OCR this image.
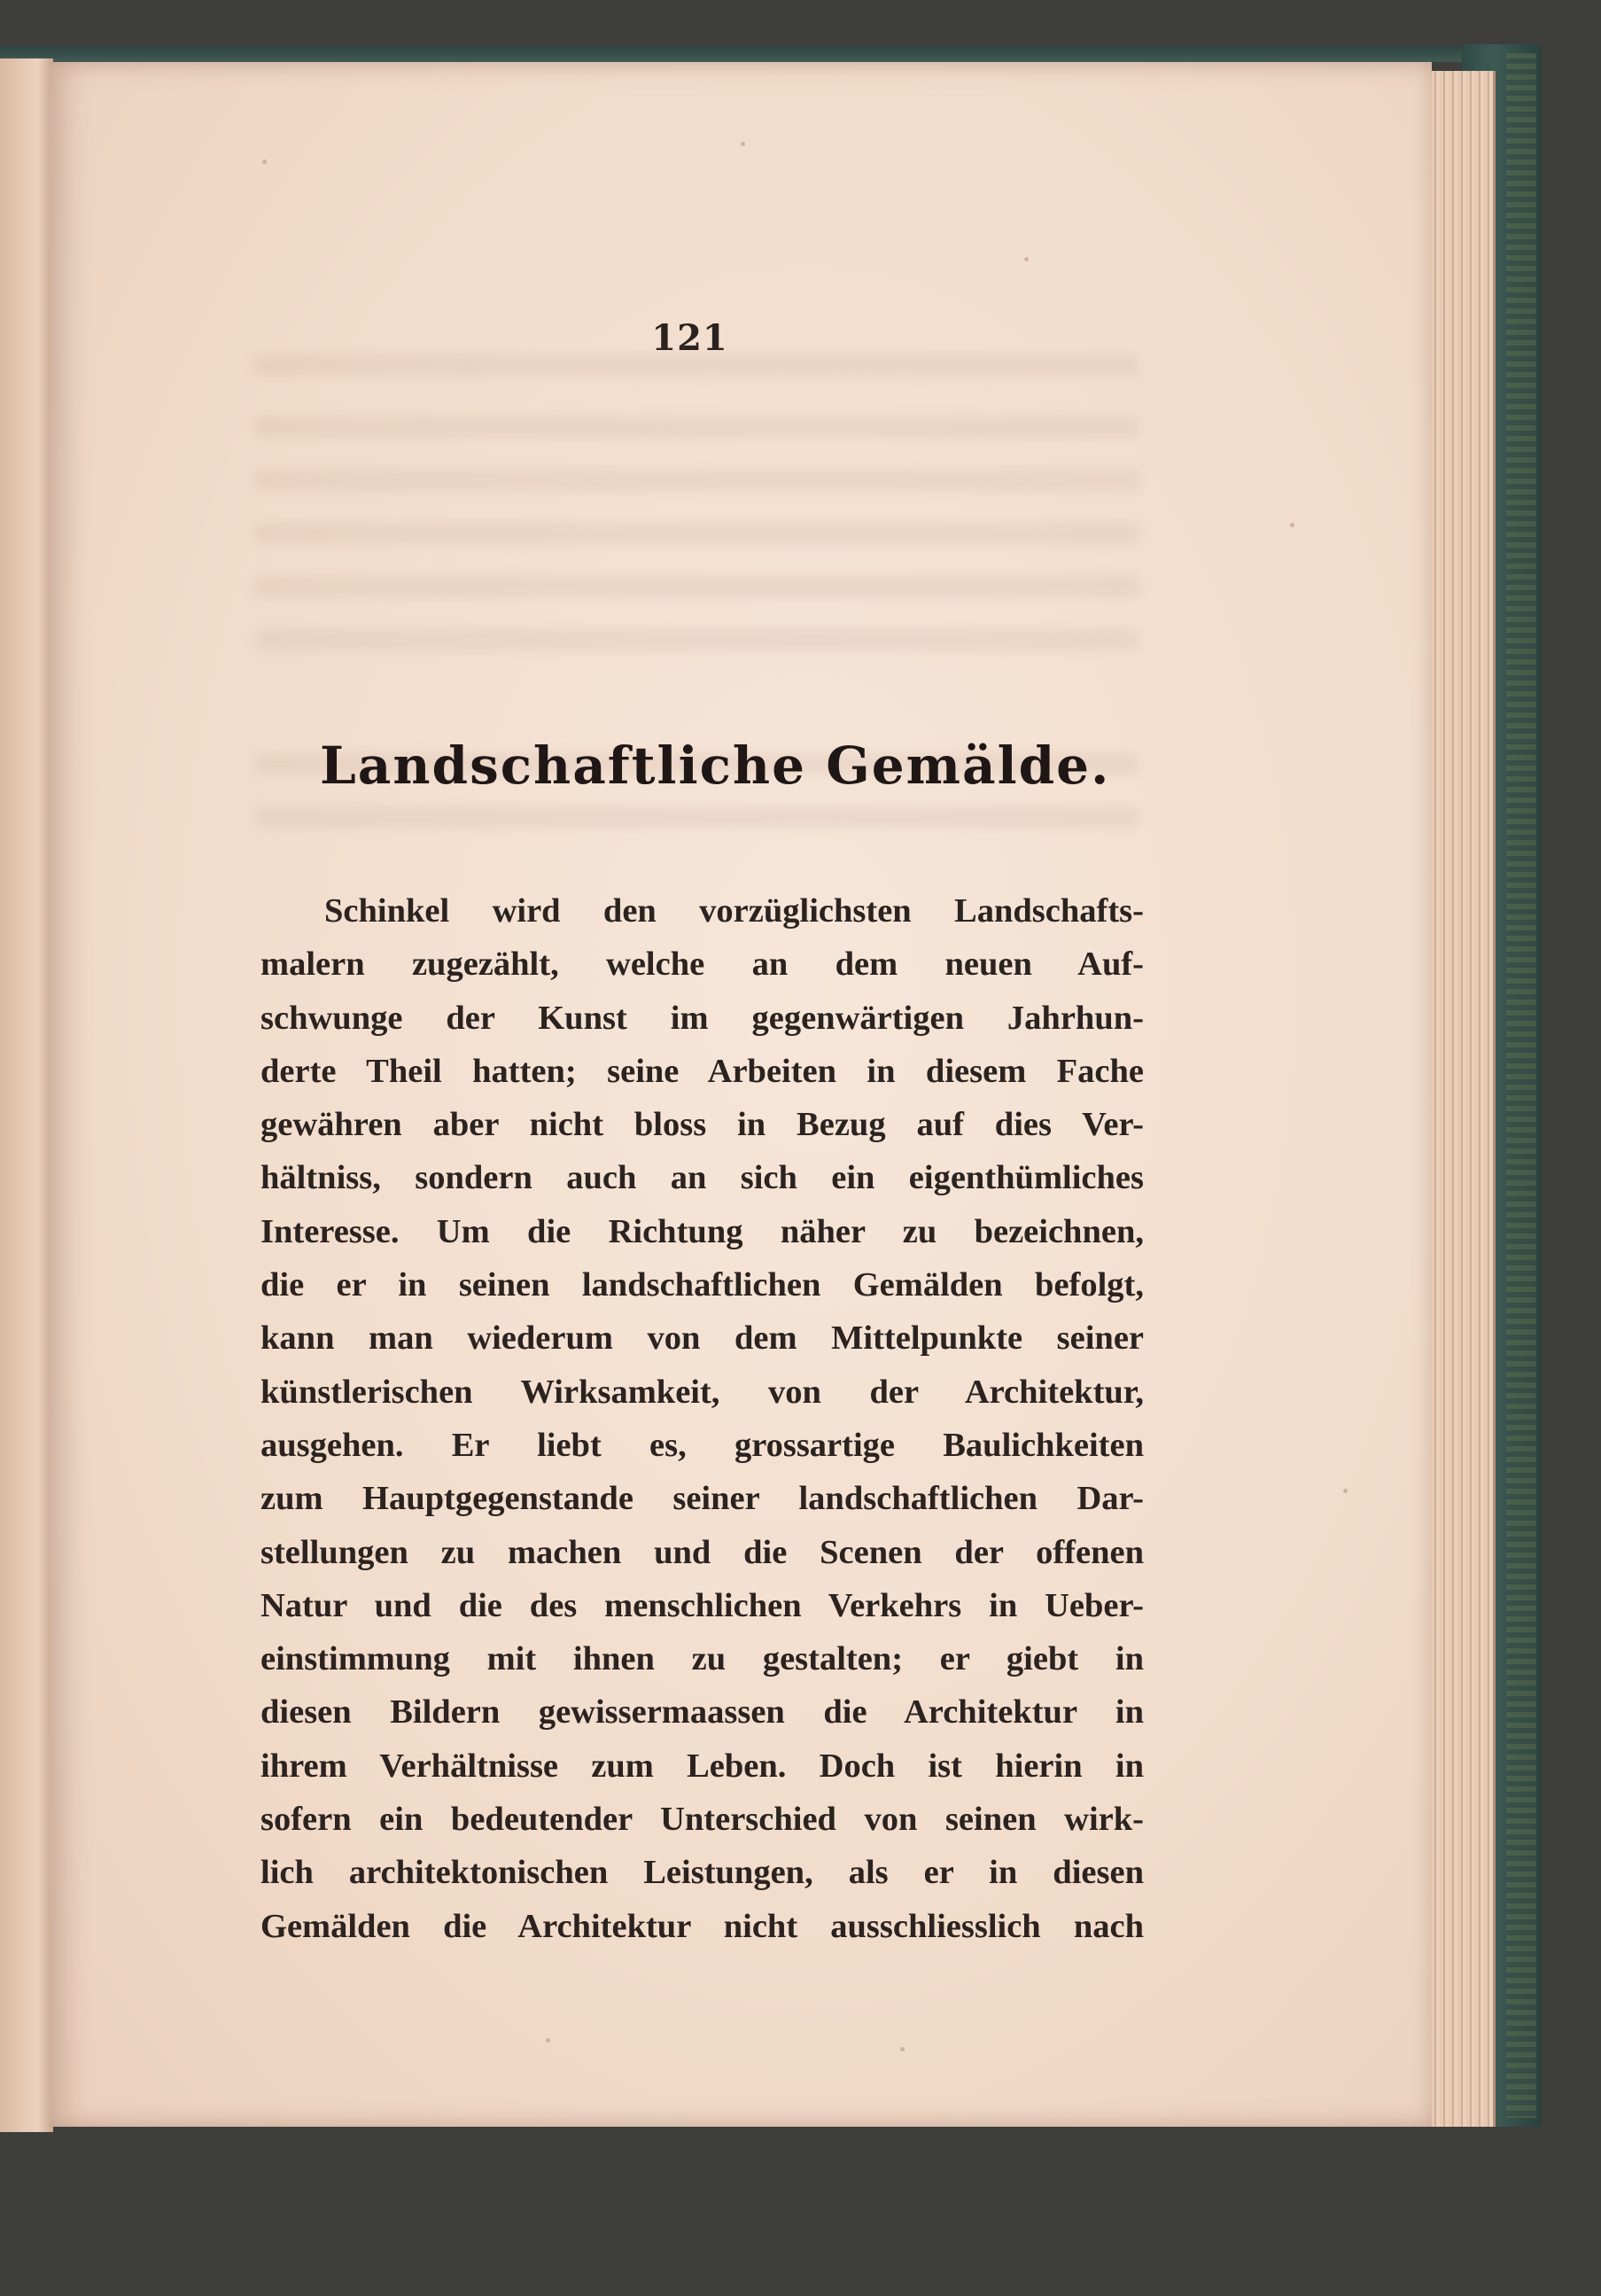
121
Landschaftliche Gemälde.
Schinkel wird den vorzüglichsten Landschafts-
malern zugezählt, welche an dem neuen Auf-
schwunge der Kunst im gegenwärtigen Jahrhun-
derte Theil hatten; seine Arbeiten in diesem Fache
gewähren aber nicht bloss in Bezug auf dies Ver-
hältniss, sondern auch an sich ein eigenthümliches
Interesse. Um die Richtung näher zu bezeichnen,
die er in seinen landschaftlichen Gemälden befolgt,
kann man wiederum von dem Mittelpunkte seiner
künstlerischen Wirksamkeit, von der Architektur,
ausgehen. Er liebt es, grossartige Baulichkeiten
zum Hauptgegenstande seiner landschaftlichen Dar-
stellungen zu machen und die Scenen der offenen
Natur und die des menschlichen Verkehrs in Ueber-
einstimmung mit ihnen zu gestalten; er giebt in
diesen Bildern gewissermaassen die Architektur in
ihrem Verhältnisse zum Leben. Doch ist hierin in
sofern ein bedeutender Unterschied von seinen wirk-
lich architektonischen Leistungen, als er in diesen
Gemälden die Architektur nicht ausschliesslich nach
